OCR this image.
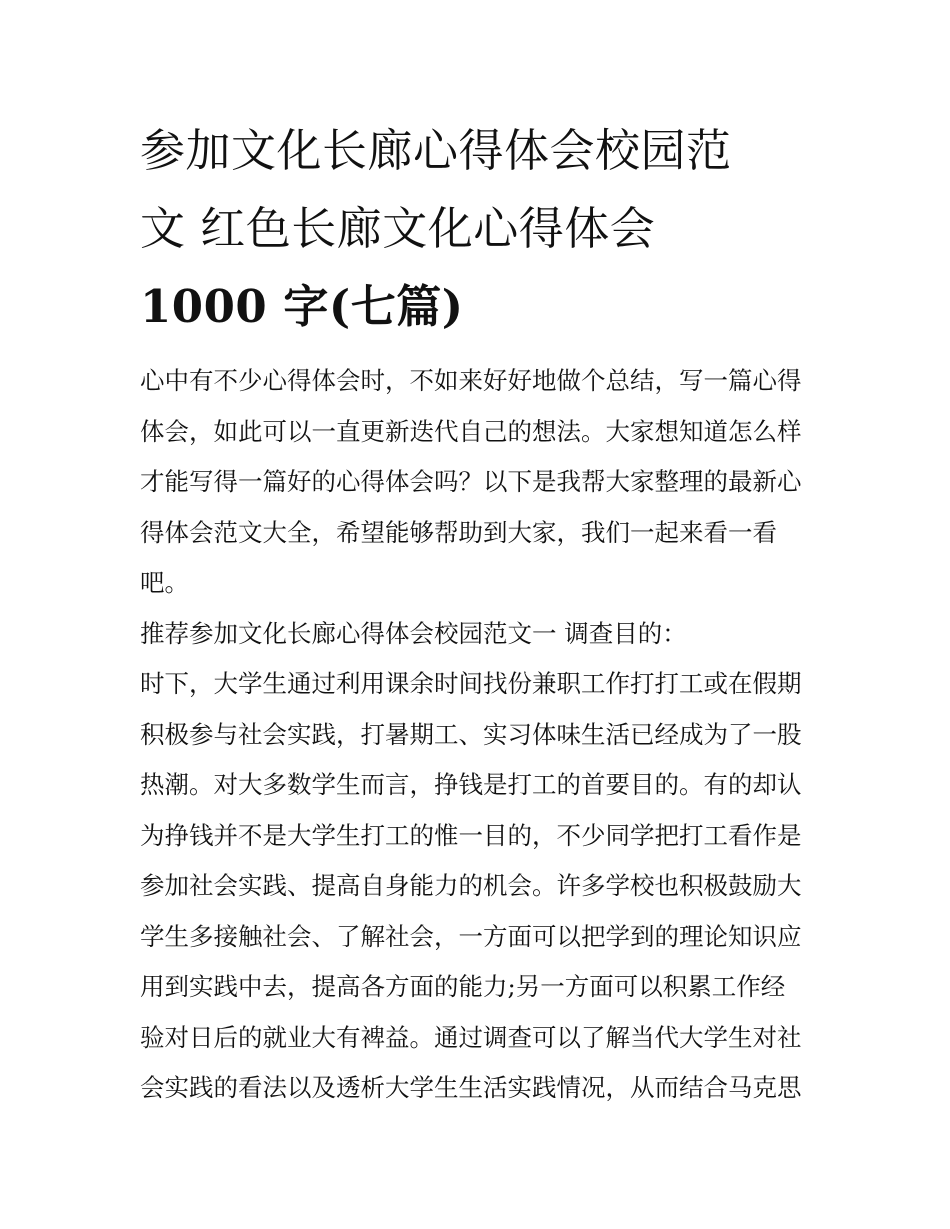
参加文化长廊心得体会校园范
文 红色长廊文化心得体会
1000 字(七篇)

心中有不少心得体会时，不如来好好地做个总结，写一篇心得
体会，如此可以一直更新迭代自己的想法。大家想知道怎么样
才能写得一篇好的心得体会吗？以下是我帮大家整理的最新心
得体会范文大全，希望能够帮助到大家，我们一起来看一看
吧。

推荐参加文化长廊心得体会校园范文一 调查目的：

时下，大学生通过利用课余时间找份兼职工作打打工或在假期
积极参与社会实践，打暑期工、实习体味生活已经成为了一股
热潮。对大多数学生而言，挣钱是打工的首要目的。有的却认
为挣钱并不是大学生打工的惟一目的，不少同学把打工看作是
参加社会实践、提高自身能力的机会。许多学校也积极鼓励大
学生多接触社会、了解社会，一方面可以把学到的理论知识应
用到实践中去，提高各方面的能力;另一方面可以积累工作经
验对日后的就业大有裨益。通过调查可以了解当代大学生对社
会实践的看法以及透析大学生生活实践情况，从而结合马克思
